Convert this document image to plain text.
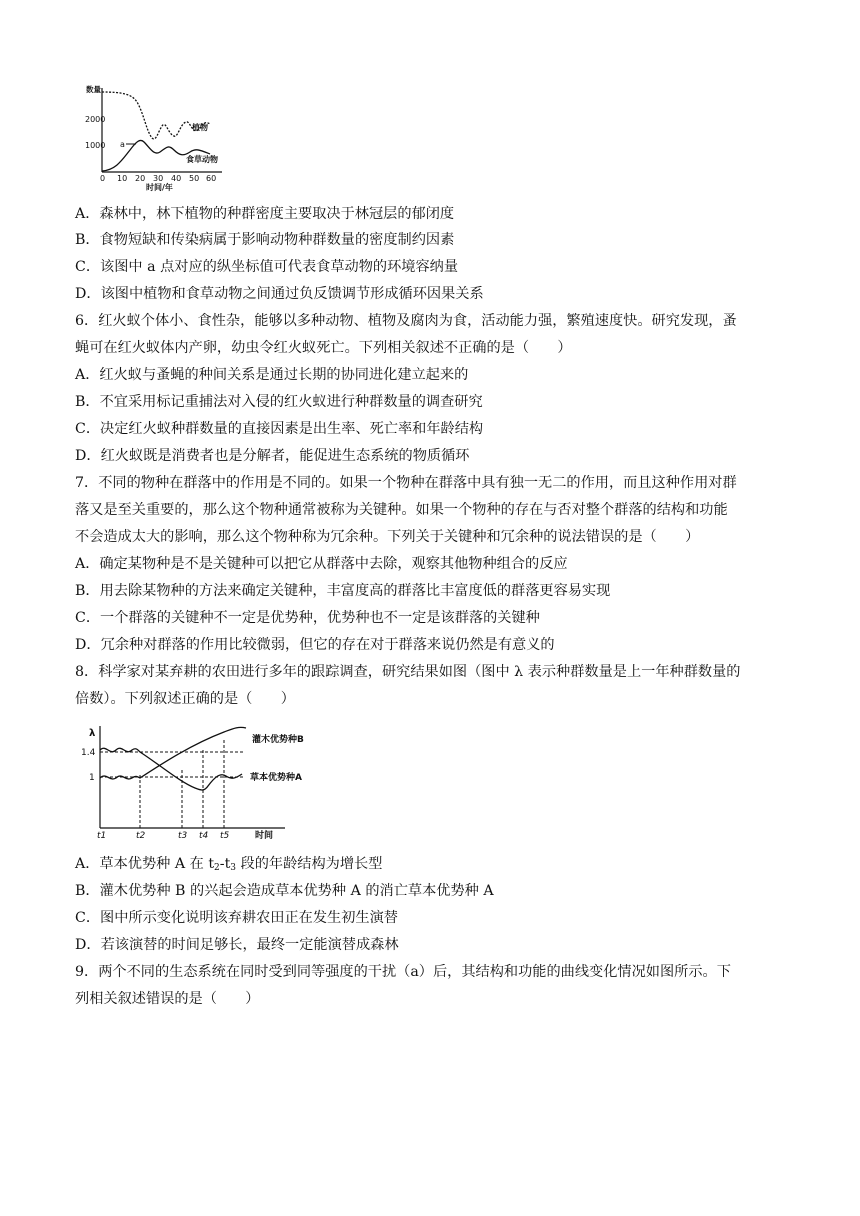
数量
2000
1000
0 10 20 30 40 50 60
时间/年
植物
a
食草动物
A．森林中，林下植物的种群密度主要取决于林冠层的郁闭度
B．食物短缺和传染病属于影响动物种群数量的密度制约因素
C．该图中 a 点对应的纵坐标值可代表食草动物的环境容纳量
D．该图中植物和食草动物之间通过负反馈调节形成循环因果关系
6．红火蚁个体小、食性杂，能够以多种动物、植物及腐肉为食，活动能力强，繁殖速度快。研究发现，蚤
蝇可在红火蚁体内产卵，幼虫令红火蚁死亡。下列相关叙述不正确的是（　　）
A．红火蚁与蚤蝇的种间关系是通过长期的协同进化建立起来的
B．不宜采用标记重捕法对入侵的红火蚁进行种群数量的调查研究
C．决定红火蚁种群数量的直接因素是出生率、死亡率和年龄结构
D．红火蚁既是消费者也是分解者，能促进生态系统的物质循环
7．不同的物种在群落中的作用是不同的。如果一个物种在群落中具有独一无二的作用，而且这种作用对群
落又是至关重要的，那么这个物种通常被称为关键种。如果一个物种的存在与否对整个群落的结构和功能
不会造成太大的影响，那么这个物种称为冗余种。下列关于关键种和冗余种的说法错误的是（　　）
A．确定某物种是不是关键种可以把它从群落中去除，观察其他物种组合的反应
B．用去除某物种的方法来确定关键种，丰富度高的群落比丰富度低的群落更容易实现
C．一个群落的关键种不一定是优势种，优势种也不一定是该群落的关键种
D．冗余种对群落的作用比较微弱，但它的存在对于群落来说仍然是有意义的
8．科学家对某弃耕的农田进行多年的跟踪调查，研究结果如图（图中 λ 表示种群数量是上一年种群数量的
倍数）。下列叙述正确的是（　　）
λ
1.4
1
灌木优势种B
草本优势种A
t1	t2	t3 t4 t5	时间
A．草本优势种 A 在 $t_2-t_3$ 段的年龄结构为增长型
B．灌木优势种 B 的兴起会造成草本优势种 A 的消亡草本优势种 A
C．图中所示变化说明该弃耕农田正在发生初生演替
D．若该演替的时间足够长，最终一定能演替成森林
9．两个不同的生态系统在同时受到同等强度的干扰（a）后，其结构和功能的曲线变化情况如图所示。下
列相关叙述错误的是（　　）
